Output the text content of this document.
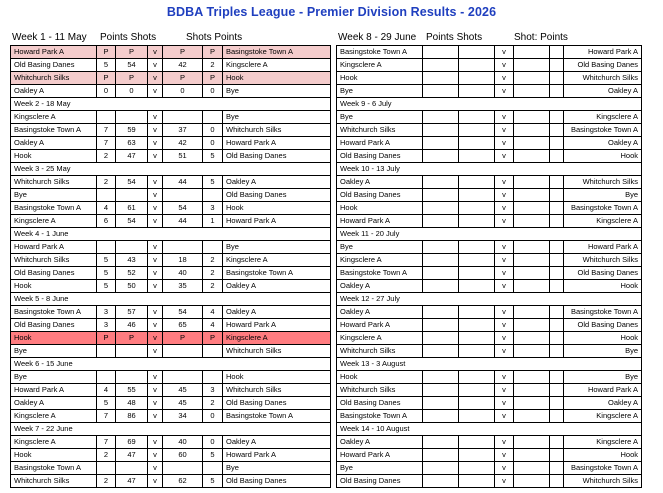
BDBA Triples League - Premier Division Results - 2026
Week 1 - 11 May Points Shots	Shots Points
Howard Park A	P	P	v	P	P	Basingstoke Town A
Old Basing Danes	5	54	v	42	2	Kingsclere A
Whitchurch Silks	P	P	v	P	P	Hook
Oakley A	0	0	v	0	0	Bye
Week 2 - 18 May
Kingsclere A	v	Bye
Basingstoke Town A	7	59	v	37	0	Whitchurch Silks
Oakley A	7	63	v	42	0	Howard Park A
Hook	2	47	v	51	5	Old Basing Danes
Week 3 - 25 May
Whitchurch Silks	2	54	v	44	5	Oakley A
Bye	v	Old Basing Danes
Basingstoke Town A	4	61	v	54	3	Hook
Kingsclere A	6	54	v	44	1	Howard Park A
Week 4 - 1 June
Howard Park A	v	Bye
Whitchurch Silks	5	43	v	18	2	Kingsclere A
Old Basing Danes	5	52	v	40	2	Basingstoke Town A
Hook	5	50	v	35	2	Oakley A
Week 5 - 8 June
Basingstoke Town A	3	57	v	54	4	Oakley A
Old Basing Danes	3	46	v	65	4	Howard Park A
Hook	P	P	v	P	P	Kingsclere A
Bye	v	Whitchurch Silks
Week 6 - 15 June
Bye	v	Hook
Howard Park A	4	55	v	45	3	Whitchurch Silks
Oakley A	5	48	v	45	2	Old Basing Danes
Kingsclere A	7	86	v	34	0	Basingstoke Town A
Week 7 - 22 June
Kingsclere A	7	69	v	40	0	Oakley A
Hook	2	47	v	60	5	Howard Park A
Basingstoke Town A	v	Bye
Whitchurch Silks	2	47	v	62	5	Old Basing Danes
Week 8 - 29 June Points Shots	Shot: Points
Basingstoke Town A	v	Howard Park A
Kingsclere A	v	Old Basing Danes
Hook	v	Whitchurch Silks
Bye	v	Oakley A
Week 9 - 6 July
Bye	v	Kingsclere A
Whitchurch Silks	v	Basingstoke Town A
Howard Park A	v	Oakley A
Old Basing Danes	v	Hook
Week 10 - 13 July
Oakley A	v	Whitchurch Silks
Old Basing Danes	v	Bye
Hook	v	Basingstoke Town A
Howard Park A	v	Kingsclere A
Week 11 - 20 July
Bye	v	Howard Park A
Kingsclere A	v	Whitchurch Silks
Basingstoke Town A	v	Old Basing Danes
Oakley A	v	Hook
Week 12 - 27 July
Oakley A	v	Basingstoke Town A
Howard Park A	v	Old Basing Danes
Kingsclere A	v	Hook
Whitchurch Silks	v	Bye
Week 13 - 3 August
Hook	v	Bye
Whitchurch Silks	v	Howard Park A
Old Basing Danes	v	Oakley A
Basingstoke Town A	v	Kingsclere A
Week 14 - 10 August
Oakley A	v	Kingsclere A
Howard Park A	v	Hook
Bye	v	Basingstoke Town A
Old Basing Danes	v	Whitchurch Silks
